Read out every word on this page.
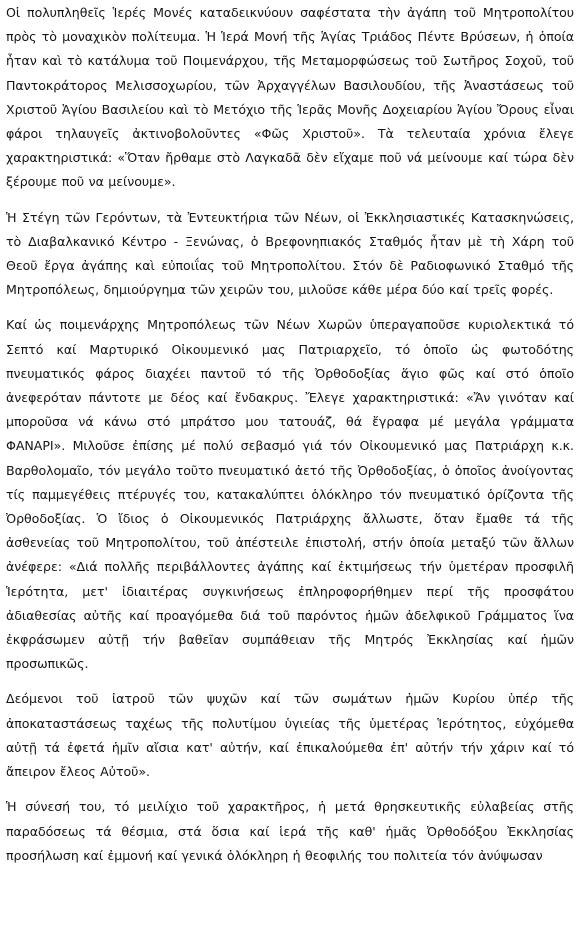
Οἱ πολυπληθεῖς Ἱερές Μονές καταδεικνύουν σαφέστατα τὴν ἀγάπη τοῦ Μητροπολίτου πρὸς τὸ μοναχικὸν πολίτευμα. Ἡ Ἱερά Μονή τῆς Ἁγίας Τριάδος Πέντε Βρύσεων, ἡ ὁποία ἦταν καὶ τὸ κατάλυμα τοῦ Ποιμενάρχου, τῆς Μεταμορφώσεως τοῦ Σωτῆρος Σοχοῦ, τοῦ Παντοκράτορος Μελισσοχωρίου, τῶν Ἀρχαγγέλων Βασιλουδίου, τῆς Ἀναστάσεως τοῦ Χριστοῦ Ἁγίου Βασιλείου καὶ τὸ Μετόχιο τῆς Ἱερᾶς Μονῆς Δοχειαρίου Ἁγίου Ὄρους εἶναι φάροι τηλαυγεῖς ἀκτινοβολοῦντες «Φῶς Χριστοῦ». Τὰ τελευταία χρόνια ἔλεγε χαρακτηριστικά: «Ὅταν ἤρθαμε στὸ Λαγκαδᾶ δὲν εἴχαμε ποῦ νά μείνουμε καί τώρα δὲν ξέρουμε ποῦ να μείνουμε».

Ἡ Στέγη τῶν Γερόντων, τὰ Ἐντευκτήρια τῶν Νέων, οἱ Ἐκκλησιαστικές Κατασκηνώσεις, τὸ Διαβαλκανικό Κέντρο - Ξενώνας, ὁ Βρεφονηπιακός Σταθμός ἦταν μὲ τὴ Χάρη τοῦ Θεοῦ ἔργα ἀγάπης καὶ εὐποιΐας τοῦ Μητροπολίτου. Στόν δὲ Ραδιοφωνικό Σταθμό τῆς Μητροπόλεως, δημιούργημα τῶν χειρῶν του, μιλοῦσε κάθε μέρα δύο καί τρεῖς φορές.

Καί ὡς ποιμενάρχης Μητροπόλεως τῶν Νέων Χωρῶν ὑπεραγαποῦσε κυριολεκτικά τό Σεπτό καί Μαρτυρικό Οἰκουμενικό μας Πατριαρχεῖο, τό ὁποῖο ὡς φωτοδότης πνευματικός φάρος διαχέει παντοῦ τό τῆς Ὀρθοδοξίας ἅγιο φῶς καί στό ὁποῖο ἀνεφερόταν πάντοτε με δέος καί ἔνδακρυς. Ἔλεγε χαρακτηριστικά: «Ἄν γινόταν καί μποροῦσα νά κάνω στό μπράτσο μου τατουάζ, θά ἔγραφα μέ μεγάλα γράμματα ΦΑΝΑΡΙ». Μιλοῦσε ἐπίσης μέ πολύ σεβασμό γιά τόν Οἰκουμενικό μας Πατριάρχη κ.κ. Βαρθολομαῖο, τόν μεγάλο τοῦτο πνευματικό ἀετό τῆς Ὀρθοδοξίας, ὁ ὁποῖος ἀνοίγοντας τίς παμμεγέθεις πτέρυγές του, κατακαλύπτει ὁλόκληρο τόν πνευματικό ὁρίζοντα τῆς Ὀρθοδοξίας. Ὁ ἴδιος ὁ Οἰκουμενικός Πατριάρχης ἄλλωστε, ὅταν ἔμαθε τά τῆς ἀσθενείας τοῦ Μητροπολίτου, τοῦ ἀπέστειλε ἐπιστολή, στήν ὁποία μεταξύ τῶν ἄλλων ἀνέφερε: «Διά πολλῆς περιβάλλοντες ἀγάπης καί ἐκτιμήσεως τήν ὑμετέραν προσφιλῆ Ἱερότητα, μετ' ἰδιαιτέρας συγκινήσεως ἐπληροφορήθημεν περί τῆς προσφάτου ἀδιαθεσίας αὐτῆς καί προαγόμεθα διά τοῦ παρόντος ἡμῶν ἀδελφικοῦ Γράμματος ἵνα ἐκφράσωμεν αὐτῇ τήν βαθεῖαν συμπάθειαν τῆς Μητρός Ἐκκλησίας καί ἡμῶν προσωπικῶς.

Δεόμενοι τοῦ ἰατροῦ τῶν ψυχῶν καί τῶν σωμάτων ἡμῶν Κυρίου ὑπέρ τῆς ἀποκαταστάσεως ταχέως τῆς πολυτίμου ὑγιείας τῆς ὑμετέρας Ἱερότητος, εὐχόμεθα αὐτῇ τά ἐφετά ἡμῖν αἴσια κατ' αὐτήν, καί ἐπικαλούμεθα ἐπ' αὐτήν τήν χάριν καί τό ἄπειρον ἔλεος Αὐτοῦ».

Ἡ σύνεσή του, τό μειλίχιο τοῦ χαρακτῆρος, ἡ μετά θρησκευτικῆς εὐλαβείας στῆς παραδόσεως τά θέσμια, στά ὅσια καί ἱερά τῆς καθ' ἡμᾶς Ὀρθοδόξου Ἐκκλησίας προσήλωση καί ἐμμονή καί γενικά ὁλόκληρη ἡ θεοφιλής του πολιτεία τόν ἀνύψωσαν
